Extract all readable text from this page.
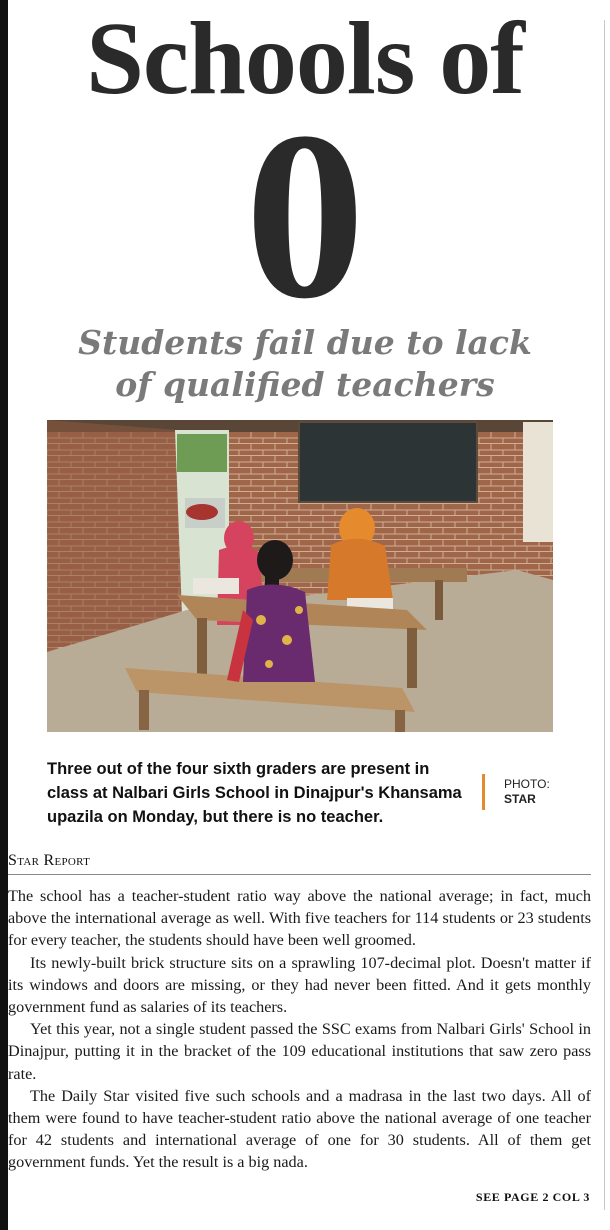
Schools of
0
Students fail due to lack
of qualified teachers
Three out of the four sixth graders are present in class at Nalbari Girls School in Dinajpur's Khansama upazila on Monday, but there is no teacher.
PHOTO:
STAR
Star Report

The school has a teacher-student ratio way above the national average; in fact, much above the international average as well. With five teachers for 114 students or 23 students for every teacher, the students should have been well groomed.

Its newly-built brick structure sits on a sprawling 107-decimal plot. Doesn't matter if its windows and doors are missing, or they had never been fitted. And it gets monthly government fund as salaries of its teachers.

Yet this year, not a single student passed the SSC exams from Nalbari Girls' School in Dinajpur, putting it in the bracket of the 109 educational institutions that saw zero pass rate.

The Daily Star visited five such schools and a madrasa in the last two days. All of them were found to have teacher-student ratio above the national average of one teacher for 42 students and international average of one for 30 students. All of them get government funds. Yet the result is a big nada.

SEE PAGE 2 COL 3
